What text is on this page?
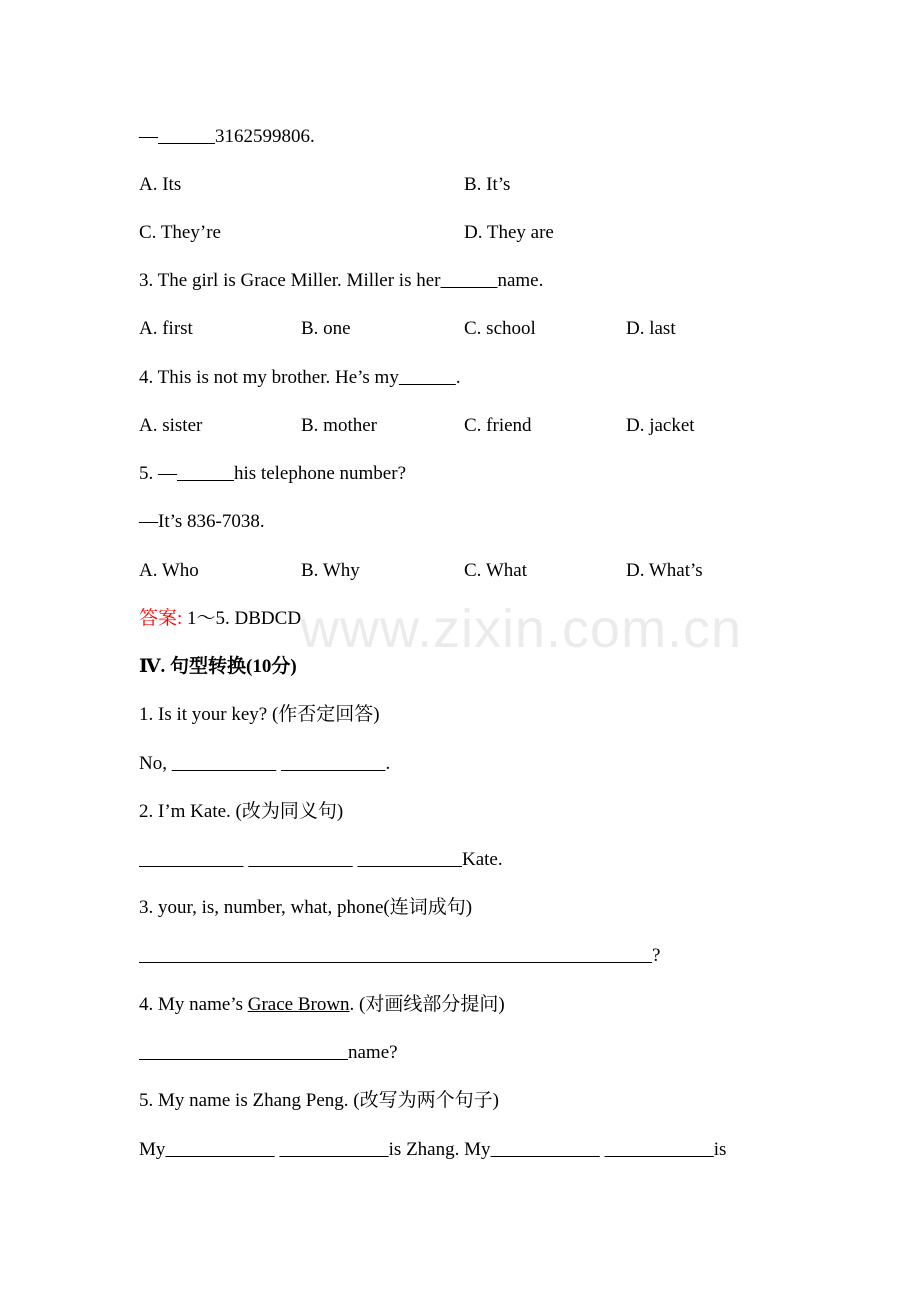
www.zixin.com.cn
—	3162599806.
A. Its	B. It’s
C. They’re	D. They are
3. The girl is Grace Miller. Miller is her	name.
A. first	B. one	C. school	D. last
4. This is not my brother. He’s my	.
A. sister	B. mother	C. friend	D. jacket
5. —	his telephone number?
—It’s 836-7038.
A. Who	B. Why	C. What	D. What’s
答案: 1～5. DBDCD
Ⅳ. 句型转换(10分)
1. Is it your key? (作否定回答)
No,	.
2. I’m Kate. (改为同义句)
Kate.
3. your, is, number, what, phone(连词成句)
?
4. My name’s Grace Brown. (对画线部分提问)
name?
5. My name is Zhang Peng. (改写为两个句子)
My	is Zhang. My	is
